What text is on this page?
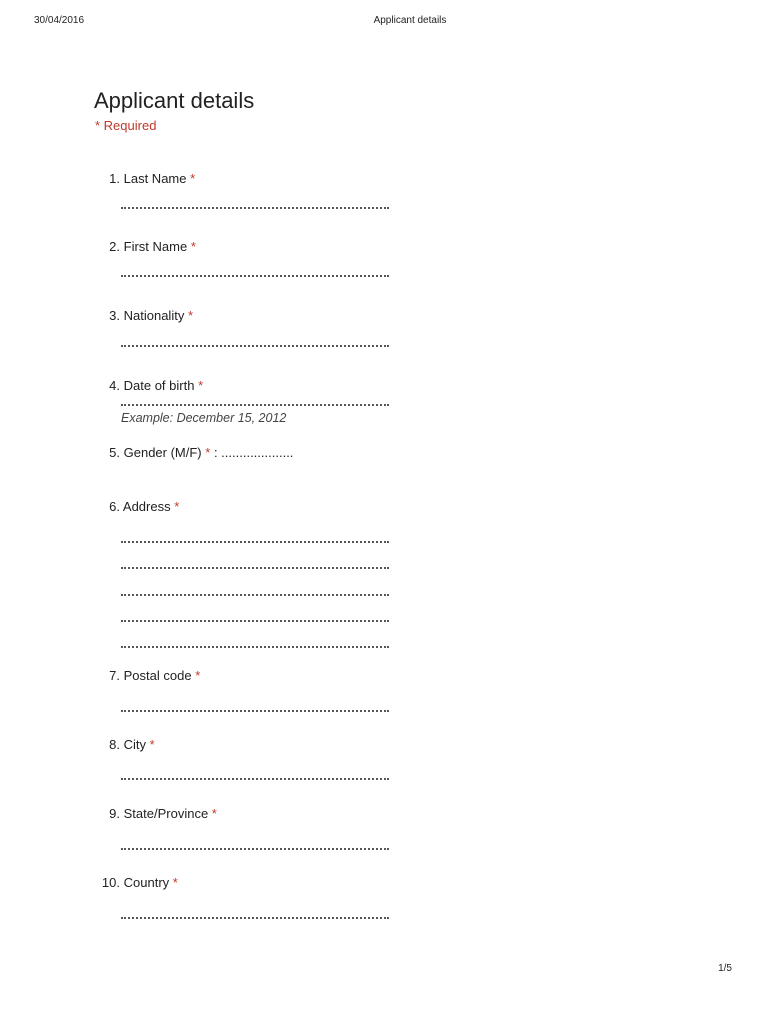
30/04/2016	Applicant details
Applicant details
* Required
1. Last Name *
2. First Name *
3. Nationality *
4. Date of birth *
Example: December 15, 2012
5. Gender (M/F) * : ....................
6. Address *
7. Postal code *
8. City *
9. State/Province *
10. Country *
1/5
